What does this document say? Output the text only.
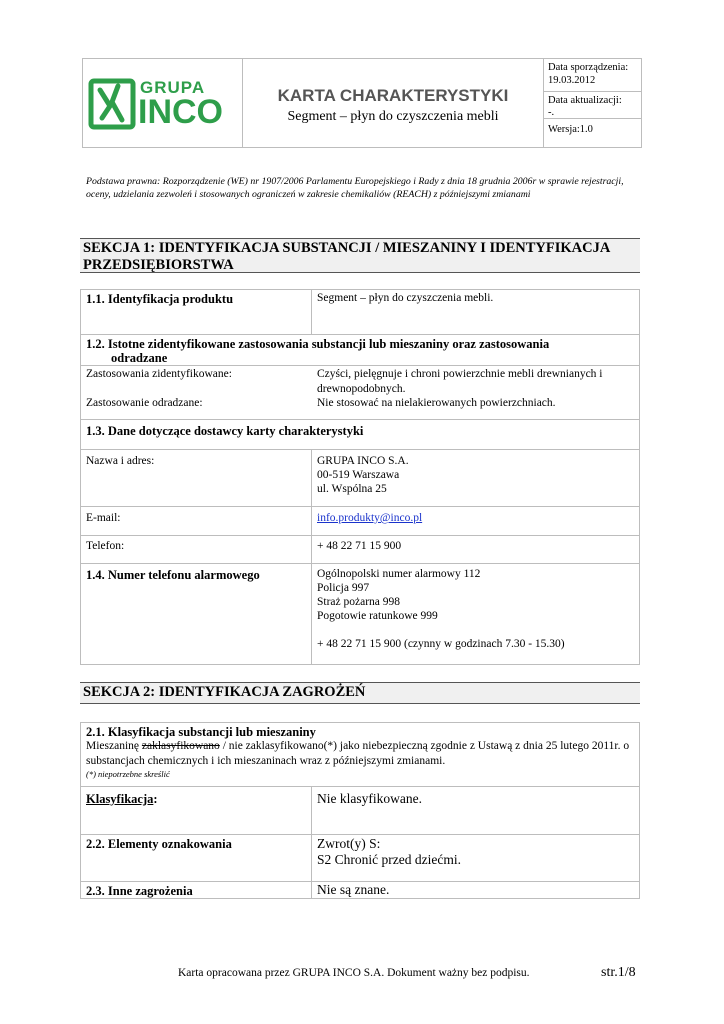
GRUPA
INCO	KARTA CHARAKTERYSTYKI
Segment – płyn do czyszczenia mebli
Data sporządzenia:
19.03.2012
Data aktualizacji:
-.
Wersja:1.0
Podstawa prawna: Rozporządzenie (WE) nr 1907/2006 Parlamentu Europejskiego i Rady z dnia 18 grudnia 2006r w sprawie rejestracji, oceny, udzielania zezwoleń i stosowanych ograniczeń w zakresie chemikaliów (REACH) z późniejszymi zmianami
SEKCJA 1: IDENTYFIKACJA SUBSTANCJI / MIESZANINY I IDENTYFIKACJA PRZEDSIĘBIORSTWA
1.1. Identyfikacja produktu	Segment – płyn do czyszczenia mebli.
1.2. Istotne zidentyfikowane zastosowania substancji lub mieszaniny oraz zastosowania
odradzane
Zastosowania zidentyfikowane:	Czyści, pielęgnuje i chroni powierzchnie mebli drewnianych i drewnopodobnych.
Zastosowanie odradzane:	Nie stosować na nielakierowanych powierzchniach.
1.3. Dane dotyczące dostawcy karty charakterystyki
Nazwa i adres:	GRUPA INCO S.A.
00-519 Warszawa
ul. Wspólna 25
E-mail:	info.produkty@inco.pl
Telefon:	+ 48 22 71 15 900
1.4. Numer telefonu alarmowego	Ogólnopolski numer alarmowy 112
Policja 997
Straż pożarna 998
Pogotowie ratunkowe 999
+ 48 22 71 15 900 (czynny w godzinach 7.30 - 15.30)
SEKCJA 2: IDENTYFIKACJA ZAGROŻEŃ
2.1. Klasyfikacja substancji lub mieszaniny
Mieszaninę zaklasyfikowano / nie zaklasyfikowano(*) jako niebezpieczną zgodnie z Ustawą z dnia 25 lutego 2011r. o substancjach chemicznych i ich mieszaninach wraz z późniejszymi zmianami.
(*) niepotrzebne skreślić
Klasyfikacja:	Nie klasyfikowane.
2.2. Elementy oznakowania	Zwrot(y) S:
S2 Chronić przed dziećmi.
2.3. Inne zagrożenia	Nie są znane.
Karta opracowana przez GRUPA INCO S.A. Dokument ważny bez podpisu.	str.1/8
